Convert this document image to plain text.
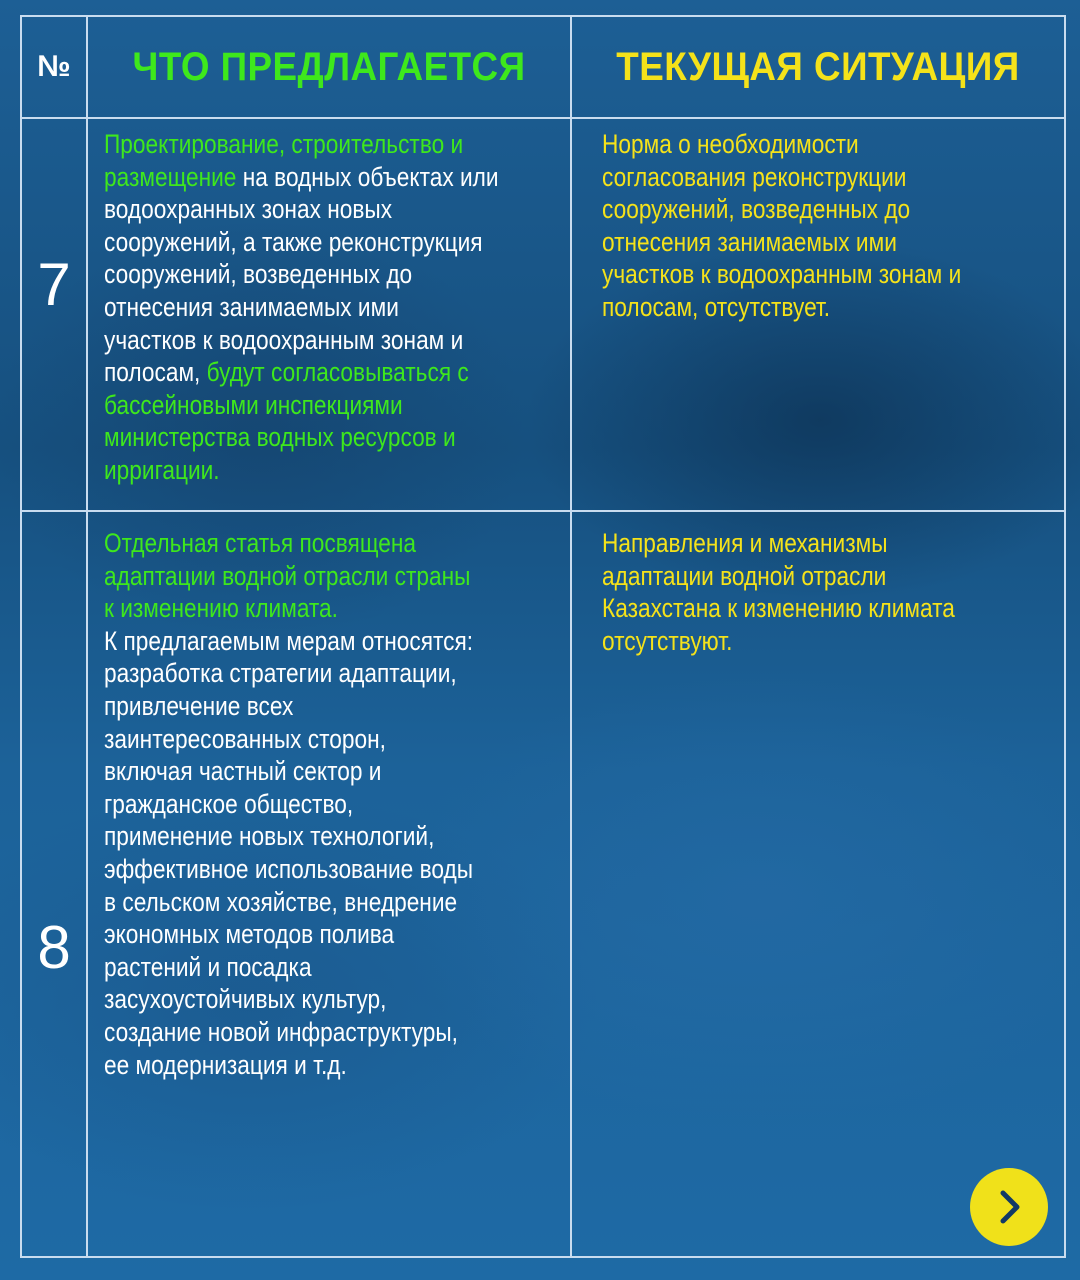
№	ЧТО ПРЕДЛАГАЕТСЯ	ТЕКУЩАЯ СИТУАЦИЯ
7
Проектирование, строительство и
размещение на водных объектах или
водоохранных зонах новых
сооружений, а также реконструкция
сооружений, возведенных до
отнесения занимаемых ими
участков к водоохранным зонам и
полосам, будут согласовываться с
бассейновыми инспекциями
министерства водных ресурсов и
ирригации.
Норма о необходимости
согласования реконструкции
сооружений, возведенных до
отнесения занимаемых ими
участков к водоохранным зонам и
полосам, отсутствует.
8
Отдельная статья посвящена
адаптации водной отрасли страны
к изменению климата.
К предлагаемым мерам относятся:
разработка стратегии адаптации,
привлечение всех
заинтересованных сторон,
включая частный сектор и
гражданское общество,
применение новых технологий,
эффективное использование воды
в сельском хозяйстве, внедрение
экономных методов полива
растений и посадка
засухоустойчивых культур,
создание новой инфраструктуры,
ее модернизация и т.д.
Направления и механизмы
адаптации водной отрасли
Казахстана к изменению климата
отсутствуют.
